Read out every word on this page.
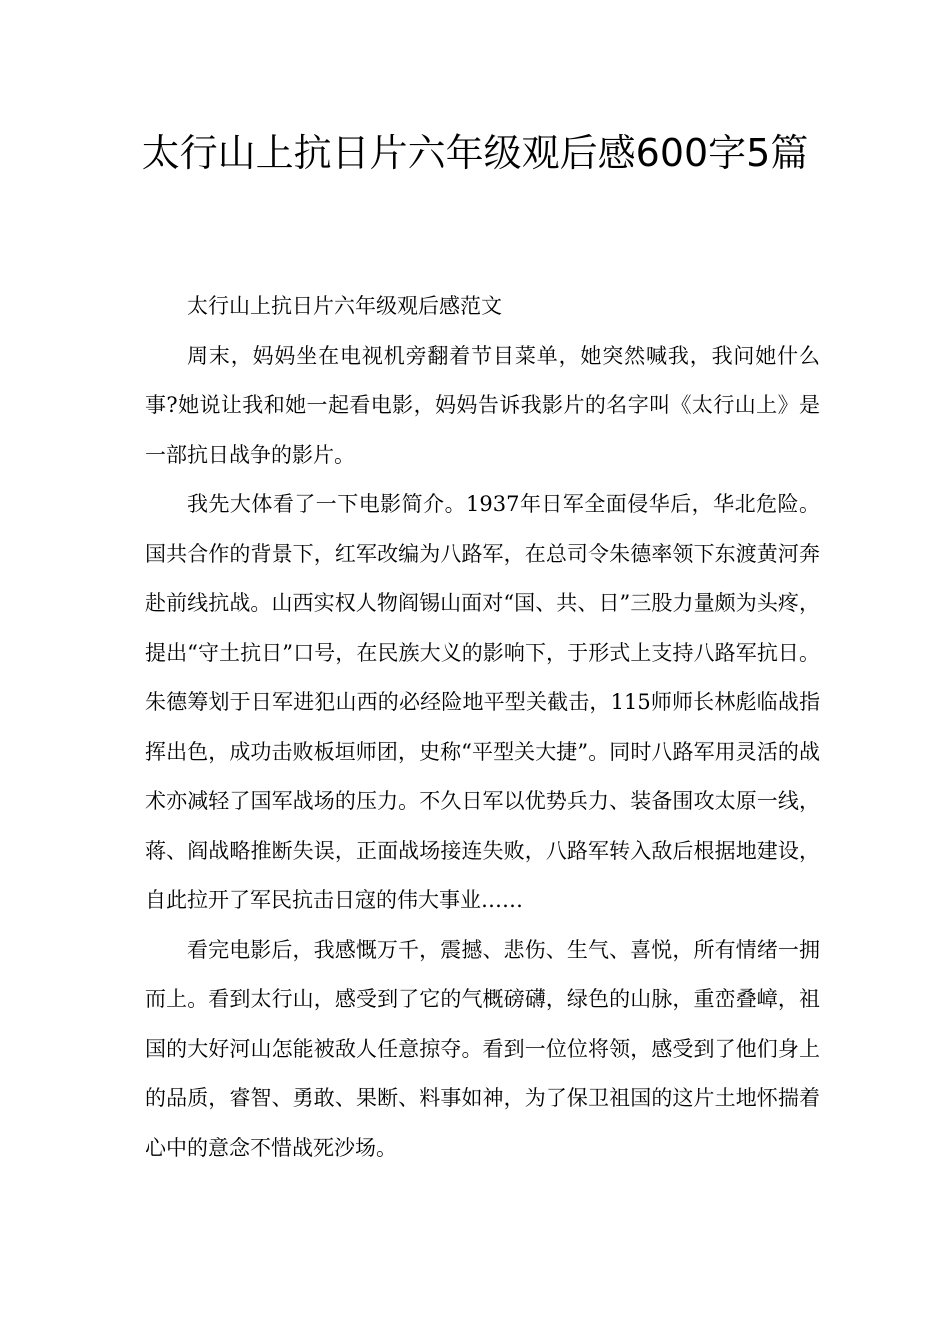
太行山上抗日片六年级观后感600字5篇

太行山上抗日片六年级观后感范文

周末，妈妈坐在电视机旁翻着节目菜单，她突然喊我，我问她什么事?她说让我和她一起看电影，妈妈告诉我影片的名字叫《太行山上》是一部抗日战争的影片。

我先大体看了一下电影简介。1937年日军全面侵华后，华北危险。国共合作的背景下，红军改编为八路军，在总司令朱德率领下东渡黄河奔赴前线抗战。山西实权人物阎锡山面对“国、共、日”三股力量颇为头疼，提出“守土抗日”口号，在民族大义的影响下，于形式上支持八路军抗日。朱德筹划于日军进犯山西的必经险地平型关截击，115师师长林彪临战指挥出色，成功击败板垣师团，史称“平型关大捷”。同时八路军用灵活的战术亦减轻了国军战场的压力。不久日军以优势兵力、装备围攻太原一线，蒋、阎战略推断失误，正面战场接连失败，八路军转入敌后根据地建设，自此拉开了军民抗击日寇的伟大事业……

看完电影后，我感慨万千，震撼、悲伤、生气、喜悦，所有情绪一拥而上。看到太行山，感受到了它的气概磅礴，绿色的山脉，重峦叠嶂，祖国的大好河山怎能被敌人任意掠夺。看到一位位将领，感受到了他们身上的品质，睿智、勇敢、果断、料事如神，为了保卫祖国的这片土地怀揣着心中的意念不惜战死沙场。
